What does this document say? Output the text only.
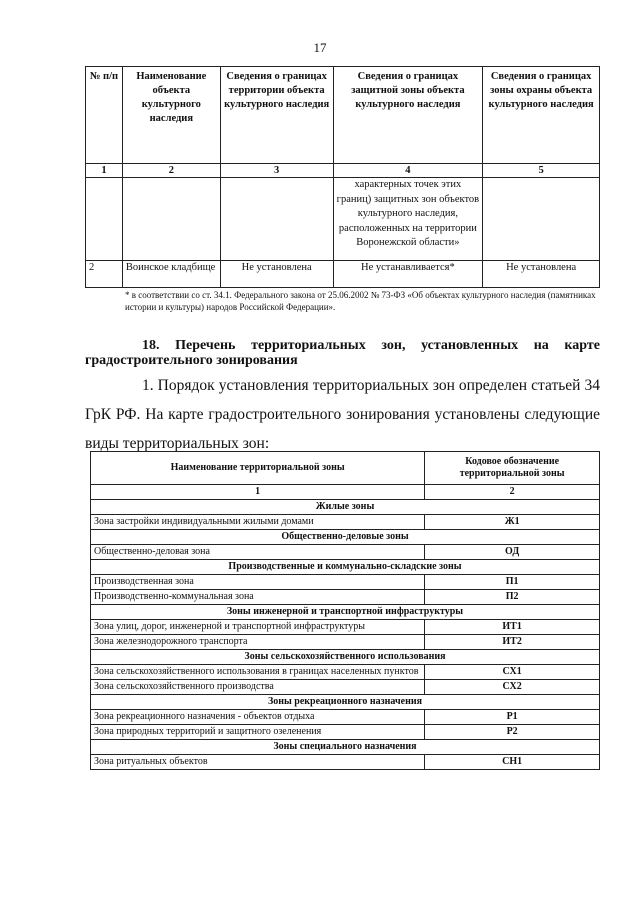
17
№ п/п	Наименование объекта культурного наследия	Сведения о границах территории объекта культурного наследия	Сведения о границах защитной зоны объекта культурного наследия	Сведения о границах зоны охраны объекта культурного наследия
1	2	3	4	5
			характерных точек этих границ) защитных зон объектов культурного наследия, расположенных на территории Воронежской области»	
2	Воинское кладбище	Не установлена	Не устанавливается*	Не установлена
* в соответствии со ст. 34.1. Федерального закона от 25.06.2002 № 73-ФЗ «Об объектах культурного наследия (памятниках истории и культуры) народов Российской Федерации».
18. Перечень территориальных зон, установленных на карте
градостроительного зонирования
1. Порядок установления территориальных зон определен статьей 34
ГрК РФ. На карте градостроительного зонирования установлены следующие
виды территориальных зон:
Наименование территориальной зоны	Кодовое обозначение территориальной зоны
1	2
Жилые зоны	
Зона застройки индивидуальными жилыми домами	Ж1
Общественно-деловые зоны	
Общественно-деловая зона	ОД
Производственные и коммунально-складские зоны	
Производственная зона	П1
Производственно-коммунальная зона	П2
Зоны инженерной и транспортной инфраструктуры	
Зона улиц, дорог, инженерной и транспортной инфраструктуры	ИТ1
Зона железнодорожного транспорта	ИТ2
Зоны сельскохозяйственного использования	
Зона сельскохозяйственного использования в границах населенных пунктов	СХ1
Зона сельскохозяйственного производства	СХ2
Зоны рекреационного назначения	
Зона рекреационного назначения - объектов отдыха	Р1
Зона природных территорий и защитного озеленения	Р2
Зоны специального назначения	
Зона ритуальных объектов	СН1
